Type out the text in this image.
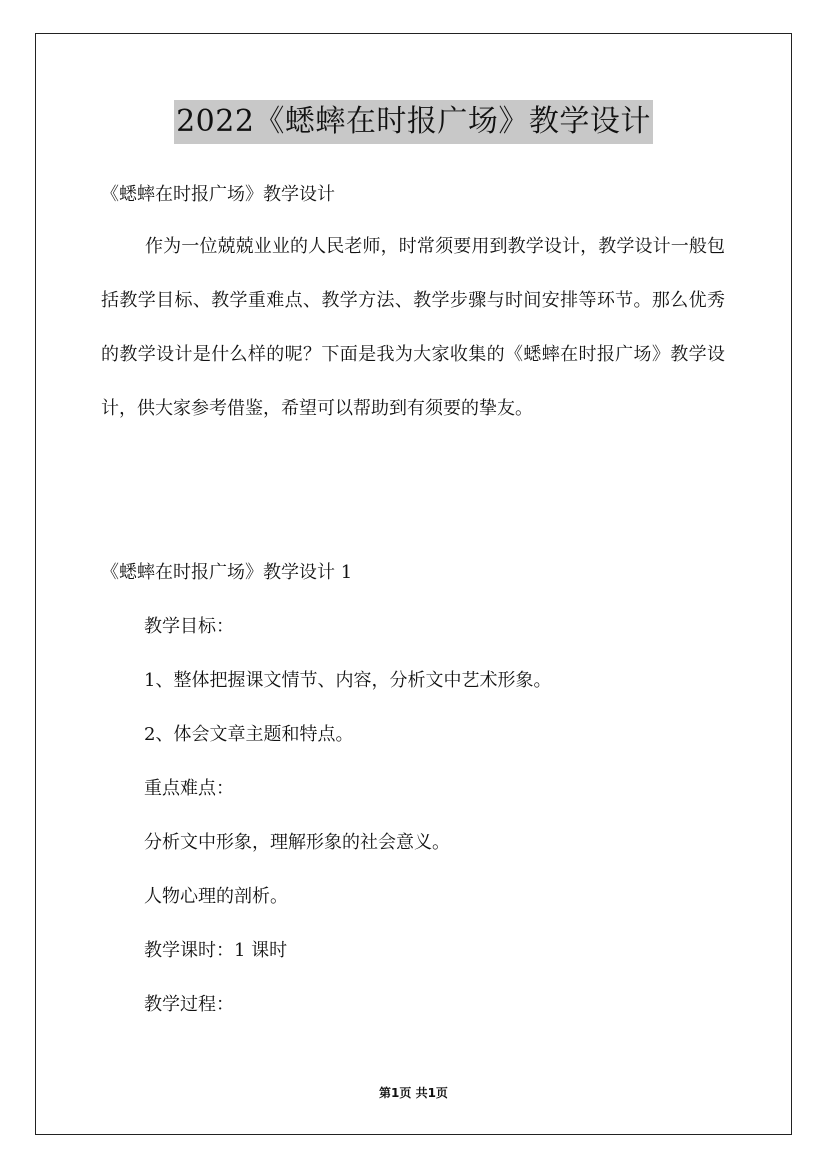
2022《蟋蟀在时报广场》教学设计
《蟋蟀在时报广场》教学设计

作为一位兢兢业业的人民老师，时常须要用到教学设计，教学设计一般包括教学目标、教学重难点、教学方法、教学步骤与时间安排等环节。那么优秀的教学设计是什么样的呢？下面是我为大家收集的《蟋蟀在时报广场》教学设计，供大家参考借鉴，希望可以帮助到有须要的挚友。

《蟋蟀在时报广场》教学设计 1
教学目标：
1、整体把握课文情节、内容，分析文中艺术形象。
2、体会文章主题和特点。
重点难点：
分析文中形象，理解形象的社会意义。
人物心理的剖析。
教学课时：1 课时
教学过程：
第1页 共1页
